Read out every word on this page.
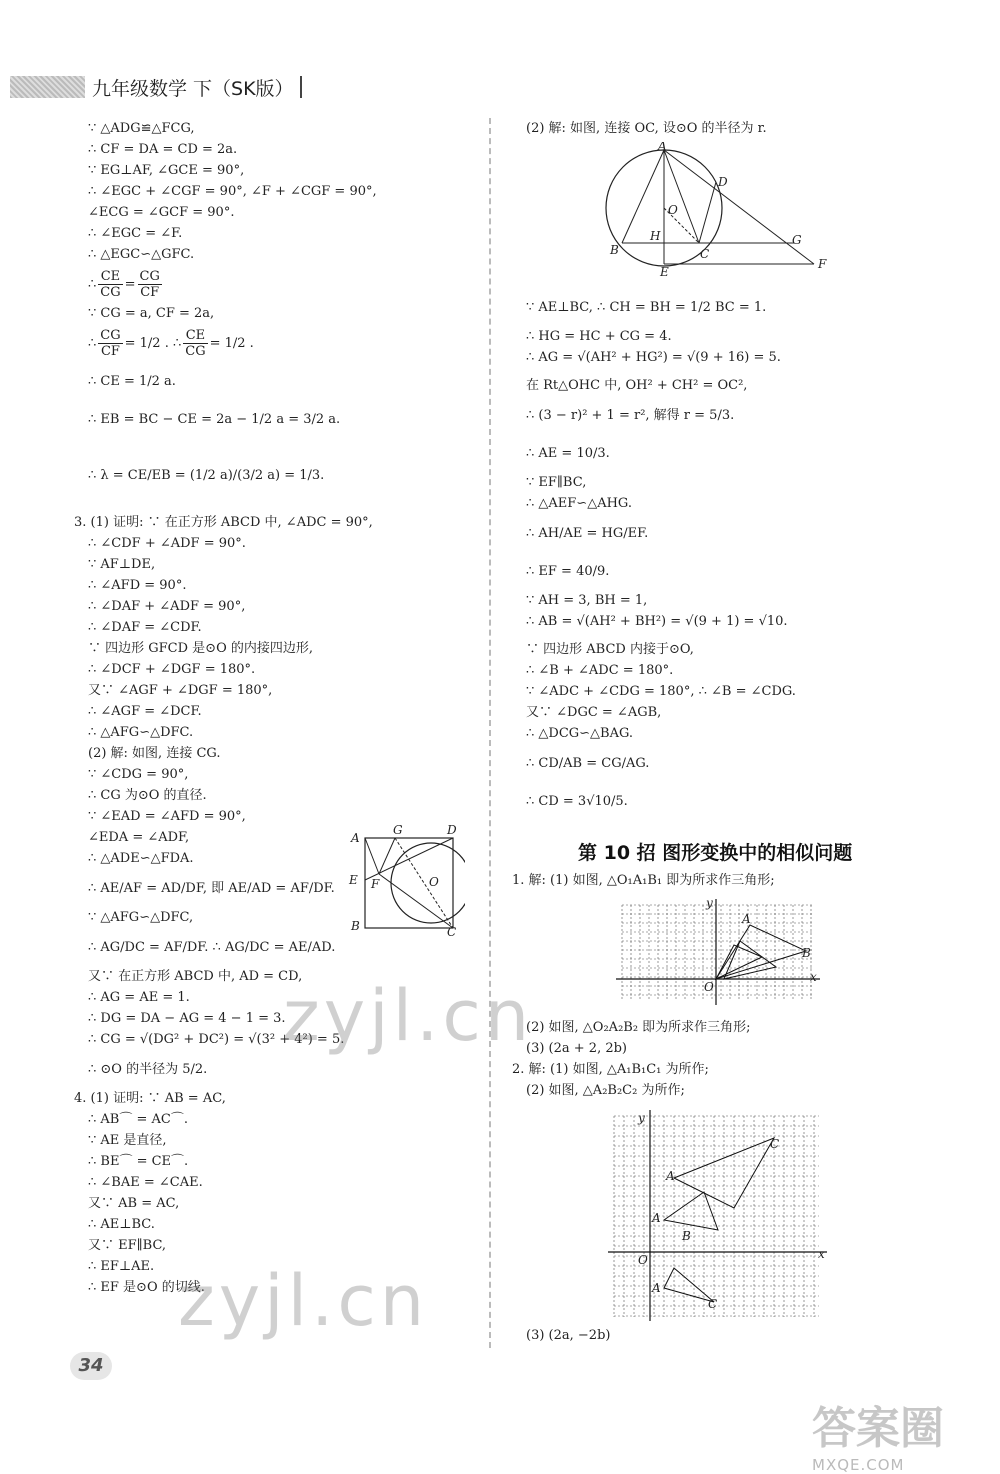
九年级数学 下（SK版）
∵ △ADG≌△FCG,
∴ CF = DA = CD = 2a.
∵ EG⊥AF, ∠GCE = 90°,
∴ ∠EGC + ∠CGF = 90°, ∠F + ∠CGF = 90°,
∠ECG = ∠GCF = 90°.
∴ ∠EGC = ∠F.
∴ △EGC∽△GFC.
∴ $\frac{CE}{CG} = \frac{CG}{CF}$
∵ CG = a, CF = 2a,
∴ $\frac{CG}{CF} = 1/2$ . ∴ $\frac{CE}{CG} = 1/2$ .
∴ CE = 1/2 a.
∴ EB = BC − CE = 2a − 1/2 a = 3/2 a.
∴ λ = CE/EB = (1/2 a)/(3/2 a) = 1/3.
3. (1) 证明: ∵ 在正方形 ABCD 中, ∠ADC = 90°,
∴ ∠CDF + ∠ADF = 90°.
∵ AF⊥DE,
∴ ∠AFD = 90°.
∴ ∠DAF + ∠ADF = 90°,
∴ ∠DAF = ∠CDF.
∵ 四边形 GFCD 是⊙O 的内接四边形,
∴ ∠DCF + ∠DGF = 180°.
又∵ ∠AGF + ∠DGF = 180°,
∴ ∠AGF = ∠DCF.
∴ △AFG∽△DFC.
(2) 解: 如图, 连接 CG.
∵ ∠CDG = 90°,
∴ CG 为⊙O 的直径.
∵ ∠EAD = ∠AFD = 90°,
∠EDA = ∠ADF,
∴ △ADE∽△FDA.
∴ AE/AF = AD/DF, 即 AE/AD = AF/DF.
∵ △AFG∽△DFC,
∴ AG/DC = AF/DF. ∴ AG/DC = AE/AD.
又∵ 在正方形 ABCD 中, AD = CD,
∴ AG = AE = 1.
∴ DG = DA − AG = 4 − 1 = 3.
∴ CG = √(DG² + DC²) = √(3² + 4²) = 5.
∴ ⊙O 的半径为 5/2.
4. (1) 证明: ∵ AB = AC,
∴ AB⌒ = AC⌒.
∵ AE 是直径,
∴ BE⌒ = CE⌒.
∴ ∠BAE = ∠CAE.
又∵ AB = AC,
∴ AE⊥BC.
又∵ EF∥BC,
∴ EF⊥AE.
∴ EF 是⊙O 的切线.
A
G	D
E F	O
B	C
(2) 解: 如图, 连接 OC, 设⊙O 的半径为 r.
A
D
O
H
B	C
G
E
F
∵ AE⊥BC, ∴ CH = BH = 1/2 BC = 1.
∴ HG = HC + CG = 4.
∴ AG = √(AH² + HG²) = √(9 + 16) = 5.
在 Rt△OHC 中, OH² + CH² = OC²,
∴ (3 − r)² + 1 = r², 解得 r = 5/3.
∴ AE = 10/3.
∵ EF∥BC,
∴ △AEF∽△AHG.
∴ AH/AE = HG/EF.
∴ EF = 40/9.
∵ AH = 3, BH = 1,
∴ AB = √(AH² + BH²) = √(9 + 1) = √10.
∵ 四边形 ABCD 内接于⊙O,
∴ ∠B + ∠ADC = 180°.
∵ ∠ADC + ∠CDG = 180°, ∴ ∠B = ∠CDG.
又∵ ∠DGC = ∠AGB,
∴ △DCG∽△BAG.
∴ CD/AB = CG/AG.
∴ CD = 3√10/5.
第 10 招 图形变换中的相似问题
1. 解: (1) 如图, △O₁A₁B₁ 即为所求作三角形;
y
x
O
A
B
(2) 如图, △O₂A₂B₂ 即为所求作三角形;
(3) (2a + 2, 2b)
2. 解: (1) 如图, △A₁B₁C₁ 为所作;
(2) 如图, △A₂B₂C₂ 为所作;
y
x
O
A
C
A
B
A
C
(3) (2a, −2b)
zyjl.cn
zyjl.cn
34
答案圈
MXQE.COM
